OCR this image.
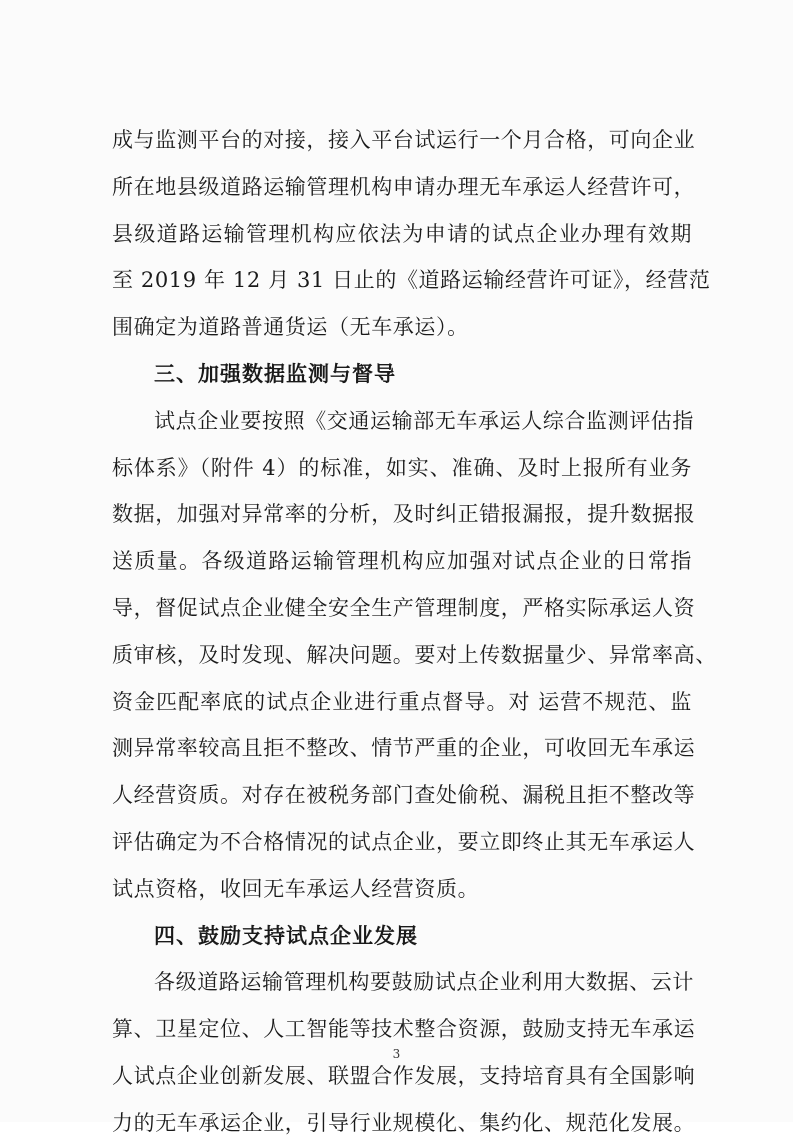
成与监测平台的对接，接入平台试运行一个月合格，可向企业
所在地县级道路运输管理机构申请办理无车承运人经营许可，
县级道路运输管理机构应依法为申请的试点企业办理有效期
至 2019 年 12 月 31 日止的《道路运输经营许可证》，经营范
围确定为道路普通货运（无车承运）。
三、加强数据监测与督导
试点企业要按照《交通运输部无车承运人综合监测评估指
标体系》（附件 4）的标准，如实、准确、及时上报所有业务
数据，加强对异常率的分析，及时纠正错报漏报，提升数据报
送质量。各级道路运输管理机构应加强对试点企业的日常指
导，督促试点企业健全安全生产管理制度，严格实际承运人资
质审核，及时发现、解决问题。要对上传数据量少、异常率高、
资金匹配率底的试点企业进行重点督导。对 运营不规范、监
测异常率较高且拒不整改、情节严重的企业，可收回无车承运
人经营资质。对存在被税务部门查处偷税、漏税且拒不整改等
评估确定为不合格情况的试点企业，要立即终止其无车承运人
试点资格，收回无车承运人经营资质。
四、鼓励支持试点企业发展
各级道路运输管理机构要鼓励试点企业利用大数据、云计
算、卫星定位、人工智能等技术整合资源，鼓励支持无车承运
人试点企业创新发展、联盟合作发展，支持培育具有全国影响
力的无车承运企业，引导行业规模化、集约化、规范化发展。
3
